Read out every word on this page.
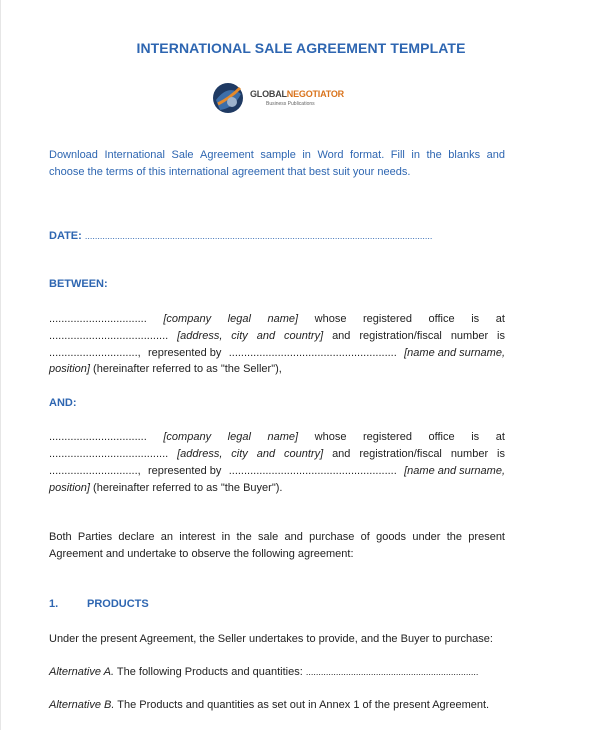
INTERNATIONAL SALE AGREEMENT TEMPLATE
GLOBALNEGOTIATOR
Business Publications
Download International Sale Agreement sample in Word format. Fill in the blanks and
choose the terms of this international agreement that best suit your needs.
DATE: ...........................................................................................................................................
BETWEEN:
................................ [company legal name] whose registered office is at
....................................... [address, city and country] and registration/fiscal number is
............................., represented by ....................................................... [name and surname,
position] (hereinafter referred to as "the Seller"),
AND:
................................ [company legal name] whose registered office is at
....................................... [address, city and country] and registration/fiscal number is
............................., represented by ....................................................... [name and surname,
position] (hereinafter referred to as "the Buyer").
Both Parties declare an interest in the sale and purchase of goods under the present
Agreement and undertake to observe the following agreement:
1.	PRODUCTS
Under the present Agreement, the Seller undertakes to provide, and the Buyer to purchase:
Alternative A. The following Products and quantities: .....................................................................
Alternative B. The Products and quantities as set out in Annex 1 of the present Agreement.
